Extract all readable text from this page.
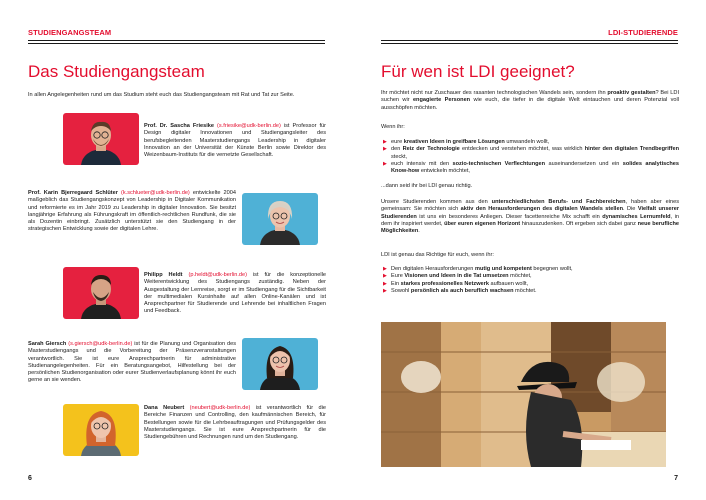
STUDIENGANGSTEAM
Das Studiengangsteam
In allen Angelegenheiten rund um das Studium steht euch das Studiengangsteam mit Rat und Tat zur Seite.
Prof. Dr. Sascha Friesike (s.friesike@udk-berlin.de) ist Professor für Design digitaler Innovationen und Studiengangsleiter des berufsbegleitenden Masterstudiengangs Leadership in digitaler Innovation an der Universität der Künste Berlin sowie Direktor des Weizenbaum-Instituts für die vernetzte Gesellschaft.
Prof. Karin Bjerregaard Schlüter (k.schlueter@udk-berlin.de) entwickelte 2004 maßgeblich das Studiengangskonzept von Leadership in Digitaler Kommunikation und reformierte es im Jahr 2019 zu Leadership in digitaler Innovation. Sie besitzt langjährige Erfahrung als Führungskraft im öffentlich-rechtlichen Rundfunk, die sie als Dozentin einbringt. Zusätzlich unterstützt sie den Studiengang in der strategischen Entwicklung sowie der digitalen Lehre.
Philipp Heldt (p.heldt@udk-berlin.de) ist für die konzeptionelle Weiterentwicklung des Studiengangs zuständig. Neben der Ausgestaltung der Lernreise, sorgt er im Studiengang für die Sichtbarkeit der multimedialen Kursinhalte auf allen Online-Kanälen und ist Ansprechpartner für Studierende und Lehrende bei inhaltlichen Fragen und Feedback.
Sarah Giersch (s.giersch@udk-berlin.de) ist für die Planung und Organisation des Masterstudiengangs und die Vorbereitung der Präsenzveranstaltungen verantwortlich. Sie ist eure Ansprechpartnerin für administrative Studienangelegenheiten. Für ein Beratungsangebot, Hilfestellung bei der persönlichen Studienorganisation oder eurer Studienverlaufsplanung könnt ihr euch gerne an sie wenden.
Dana Neubert (neubert@udk-berlin.de) ist verantwortlich für die Bereiche Finanzen und Controlling, den kaufmännischen Bereich, für Bestellungen sowie für die Lehrbeauftragungen und Prüfungsgelder des Masterstudiengangs. Sie ist eure Ansprechpartnerin für die Studiengebühren und Rechnungen rund um den Studiengang.
6
LDI-STUDIERENDE
Für wen ist LDI geeignet?
Ihr möchtet nicht nur Zuschauer des rasanten technologischen Wandels sein, sondern ihn proaktiv gestalten? Bei LDI suchen wir engagierte Personen wie euch, die tiefer in die digitale Welt eintauchen und deren Potenzial voll ausschöpfen möchten.
Wenn ihr:
▶ eure kreativen Ideen in greifbare Lösungen umwandeln wollt,
▶ den Reiz der Technologie entdecken und verstehen möchtet, was wirklich hinter den digitalen Trendbegriffen steckt,
▶ euch intensiv mit den sozio-technischen Verflechtungen auseinandersetzen und ein solides analytisches Know-how entwickeln möchtet,
...dann seid ihr bei LDI genau richtig.
Unsere Studierenden kommen aus den unterschiedlichsten Berufs- und Fachbereichen, haben aber eines gemeinsam: Sie möchten sich aktiv den Herausforderungen des digitalen Wandels stellen. Die Vielfalt unserer Studierenden ist uns ein besonderes Anliegen. Dieser facettenreiche Mix schafft ein dynamisches Lernumfeld, in dem ihr inspiriert werdet, über euren eigenen Horizont hinauszudenken. Oft ergeben sich dabei ganz neue berufliche Möglichkeiten.
LDI ist genau das Richtige für euch, wenn ihr:
▶ Den digitalen Herausforderungen mutig und kompetent begegnen wollt,
▶ Eure Visionen und Ideen in die Tat umsetzen möchtet,
▶ Ein starkes professionelles Netzwerk aufbauen wollt,
▶ Sowohl persönlich als auch beruflich wachsen möchtet.
7
